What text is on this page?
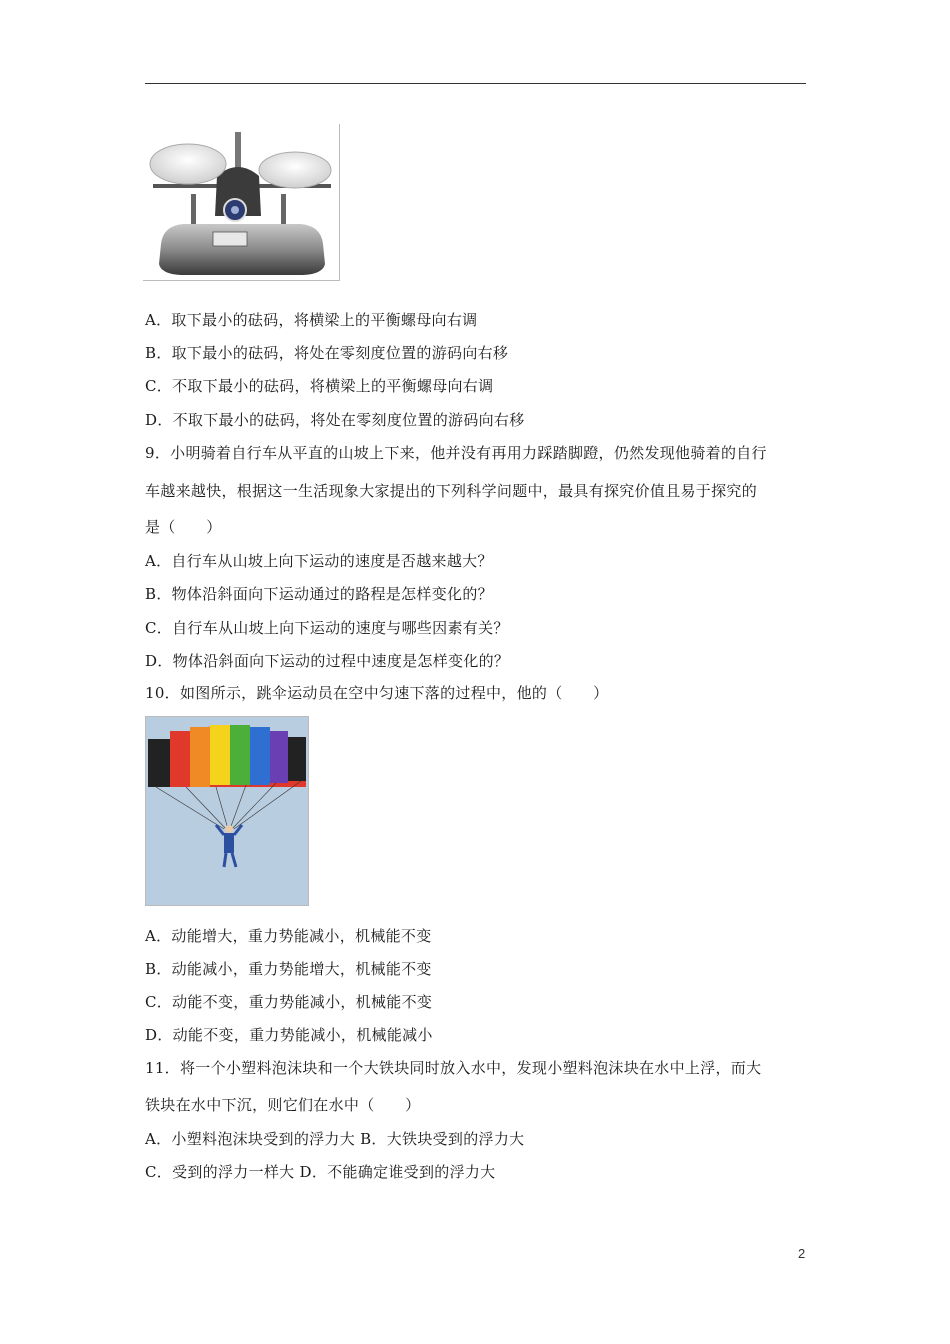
A．取下最小的砝码，将横梁上的平衡螺母向右调
B．取下最小的砝码，将处在零刻度位置的游码向右移
C．不取下最小的砝码，将横梁上的平衡螺母向右调
D．不取下最小的砝码，将处在零刻度位置的游码向右移
9．小明骑着自行车从平直的山坡上下来，他并没有再用力踩踏脚蹬，仍然发现他骑着的自行
车越来越快，根据这一生活现象大家提出的下列科学问题中，最具有探究价值且易于探究的
是（　　）
A．自行车从山坡上向下运动的速度是否越来越大？
B．物体沿斜面向下运动通过的路程是怎样变化的？
C．自行车从山坡上向下运动的速度与哪些因素有关？
D．物体沿斜面向下运动的过程中速度是怎样变化的？
10．如图所示，跳伞运动员在空中匀速下落的过程中，他的（　　）
A．动能增大，重力势能减小，机械能不变
B．动能减小，重力势能增大，机械能不变
C．动能不变，重力势能减小，机械能不变
D．动能不变，重力势能减小，机械能减小
11．将一个小塑料泡沫块和一个大铁块同时放入水中，发现小塑料泡沫块在水中上浮，而大
铁块在水中下沉，则它们在水中（　　）
A．小塑料泡沫块受到的浮力大 B．大铁块受到的浮力大
C．受到的浮力一样大 D．不能确定谁受到的浮力大
2
